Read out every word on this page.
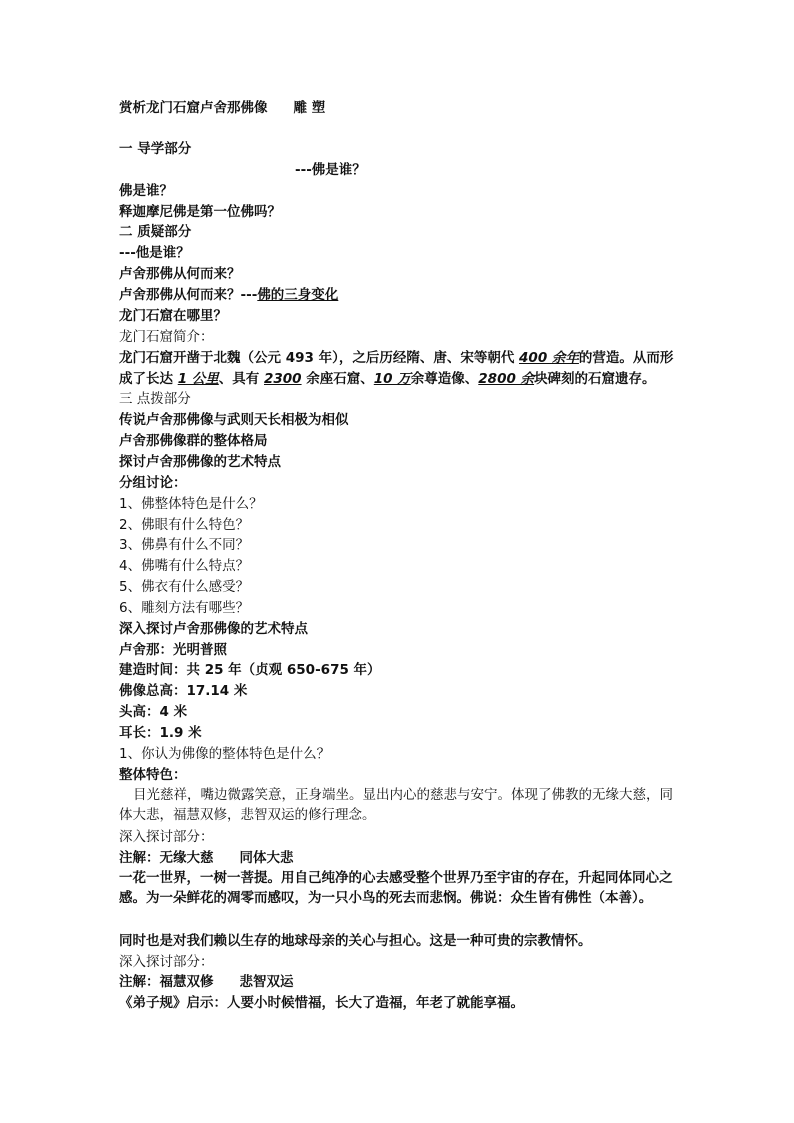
赏析龙门石窟卢舍那佛像 雕 塑
一 导学部分
---佛是谁？
佛是谁？
释迦摩尼佛是第一位佛吗？
二 质疑部分
---他是谁？
卢舍那佛从何而来？
卢舍那佛从何而来？---佛的三身变化
龙门石窟在哪里？
龙门石窟简介：
龙门石窟开凿于北魏（公元 493 年），之后历经隋、唐、宋等朝代 400 余年的营造。从而形
成了长达 1 公里、具有 2300 余座石窟、10 万余尊造像、2800 余块碑刻的石窟遗存。
三 点拨部分
传说卢舍那佛像与武则天长相极为相似
卢舍那佛像群的整体格局
探讨卢舍那佛像的艺术特点
分组讨论：
1、佛整体特色是什么？
2、佛眼有什么特色？
3、佛鼻有什么不同？
4、佛嘴有什么特点？
5、佛衣有什么感受？
6、雕刻方法有哪些？
深入探讨卢舍那佛像的艺术特点
卢舍那：光明普照
建造时间：共 25 年（贞观 650-675 年）
佛像总高：17.14 米
头高：4 米
耳长：1.9 米
1、你认为佛像的整体特色是什么？
整体特色：
目光慈祥，嘴边微露笑意，正身端坐。显出内心的慈悲与安宁。体现了佛教的无缘大慈，同体大悲，福慧双修，悲智双运的修行理念。
深入探讨部分：
注解：无缘大慈 同体大悲
一花一世界，一树一菩提。用自己纯净的心去感受整个世界乃至宇宙的存在，升起同体同心之感。为一朵鲜花的凋零而感叹，为一只小鸟的死去而悲悯。佛说：众生皆有佛性（本善）。
同时也是对我们赖以生存的地球母亲的关心与担心。这是一种可贵的宗教情怀。
深入探讨部分：
注解：福慧双修 悲智双运
《弟子规》启示：人要小时候惜福，长大了造福，年老了就能享福。
